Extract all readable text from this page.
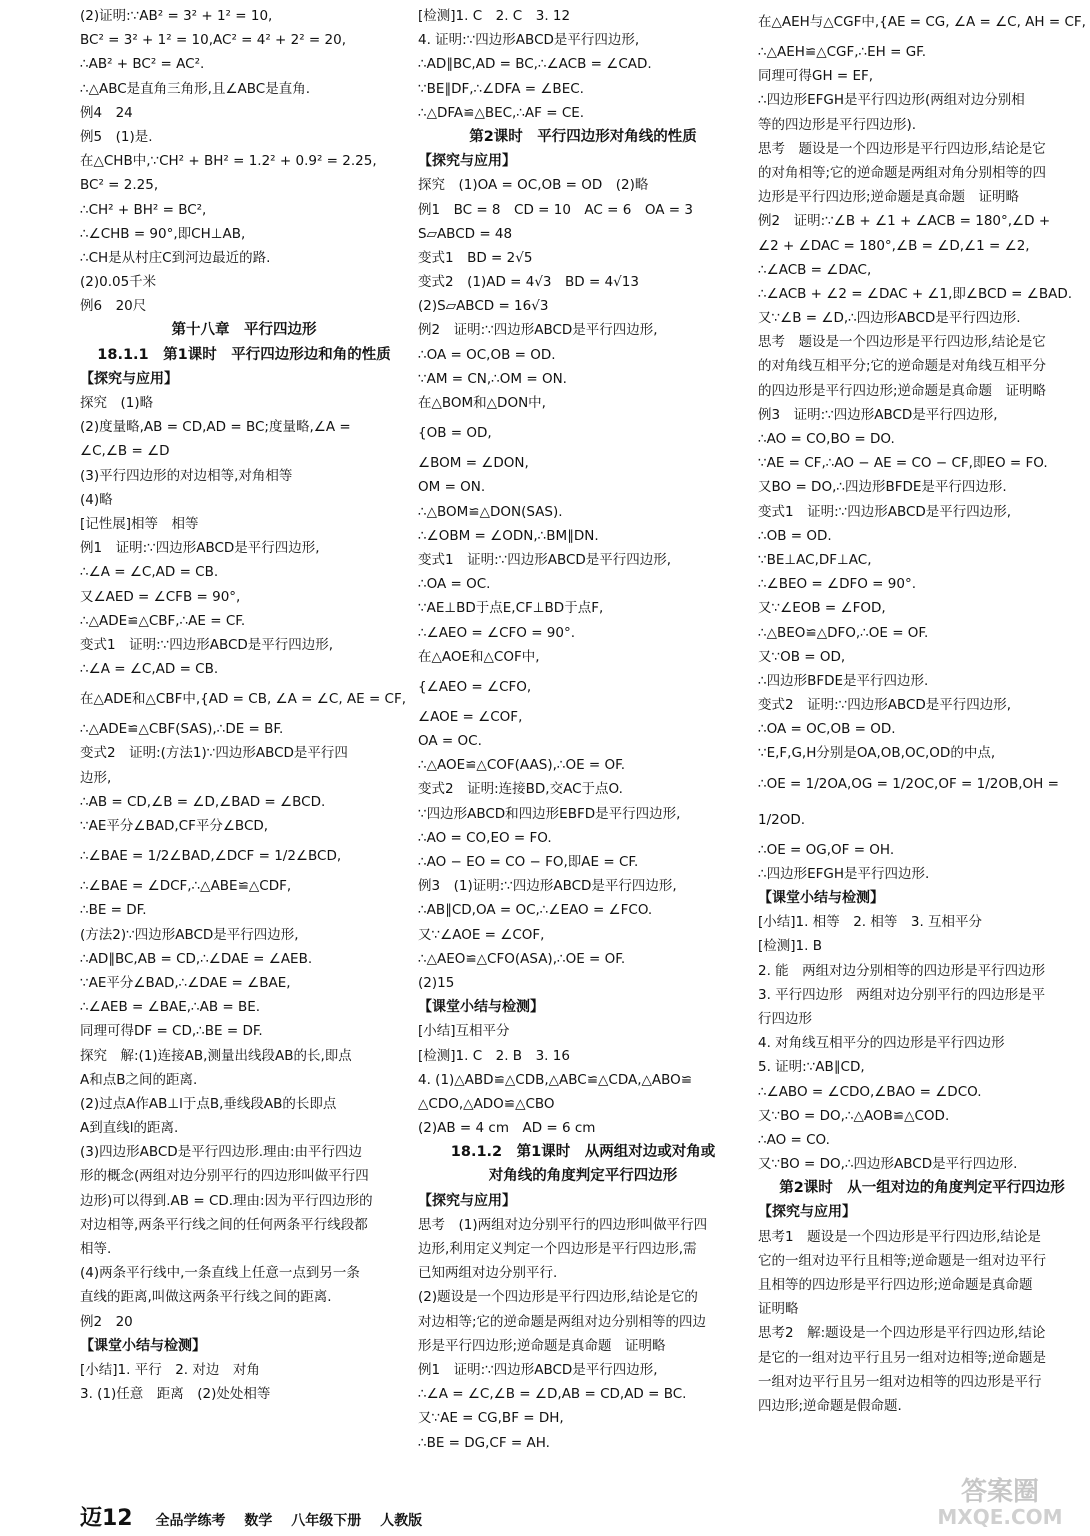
(2)证明:∵AB² = 3² + 1² = 10,
BC² = 3² + 1² = 10,AC² = 4² + 2² = 20,
∴AB² + BC² = AC².
∴△ABC是直角三角形,且∠ABC是直角.
例4　24
例5　(1)是.
在△CHB中,∵CH² + BH² = 1.2² + 0.9² = 2.25,
BC² = 2.25,
∴CH² + BH² = BC²,
∴∠CHB = 90°,即CH⊥AB,
∴CH是从村庄C到河边最近的路.
(2)0.05千米
例6　20尺
第十八章　平行四边形
18.1.1　第1课时　平行四边形边和角的性质
【探究与应用】
探究　(1)略
(2)度量略,AB = CD,AD = BC;度量略,∠A =
∠C,∠B = ∠D
(3)平行四边形的对边相等,对角相等
(4)略
[记性展]相等　相等
例1　证明:∵四边形ABCD是平行四边形,
∴∠A = ∠C,AD = CB.
又∠AED = ∠CFB = 90°,
∴△ADE≌△CBF,∴AE = CF.
变式1　证明:∵四边形ABCD是平行四边形,
∴∠A = ∠C,AD = CB.
在△ADE和△CBF中,{AD = CB, ∠A = ∠C, AE = CF,
∴△ADE≌△CBF(SAS),∴DE = BF.
变式2　证明:(方法1)∵四边形ABCD是平行四
边形,
∴AB = CD,∠B = ∠D,∠BAD = ∠BCD.
∵AE平分∠BAD,CF平分∠BCD,
∴∠BAE = 1/2∠BAD,∠DCF = 1/2∠BCD,
∴∠BAE = ∠DCF,∴△ABE≌△CDF,
∴BE = DF.
(方法2)∵四边形ABCD是平行四边形,
∴AD∥BC,AB = CD,∴∠DAE = ∠AEB.
∵AE平分∠BAD,∴∠DAE = ∠BAE,
∴∠AEB = ∠BAE,∴AB = BE.
同理可得DF = CD,∴BE = DF.
探究　解:(1)连接AB,测量出线段AB的长,即点
A和点B之间的距离.
(2)过点A作AB⊥l于点B,垂线段AB的长即点
A到直线l的距离.
(3)四边形ABCD是平行四边形.理由:由平行四边
形的概念(两组对边分别平行的四边形叫做平行四
边形)可以得到.AB = CD.理由:因为平行四边形的
对边相等,两条平行线之间的任何两条平行线段都
相等.
(4)两条平行线中,一条直线上任意一点到另一条
直线的距离,叫做这两条平行线之间的距离.
例2　20
【课堂小结与检测】
[小结]1. 平行　2. 对边　对角
3. (1)任意　距离　(2)处处相等
[检测]1. C　2. C　3. 12
4. 证明:∵四边形ABCD是平行四边形,
∴AD∥BC,AD = BC,∴∠ACB = ∠CAD.
∵BE∥DF,∴∠DFA = ∠BEC.
∴△DFA≌△BEC,∴AF = CE.
第2课时　平行四边形对角线的性质
【探究与应用】
探究　(1)OA = OC,OB = OD　(2)略
例1　BC = 8　CD = 10　AC = 6　OA = 3
S▱ABCD = 48
变式1　BD = 2√5
变式2　(1)AD = 4√3　BD = 4√13
(2)S▱ABCD = 16√3
例2　证明:∵四边形ABCD是平行四边形,
∴OA = OC,OB = OD.
∵AM = CN,∴OM = ON.
在△BOM和△DON中,
{OB = OD,
∠BOM = ∠DON,
OM = ON.
∴△BOM≌△DON(SAS).
∴∠OBM = ∠ODN,∴BM∥DN.
变式1　证明:∵四边形ABCD是平行四边形,
∴OA = OC.
∵AE⊥BD于点E,CF⊥BD于点F,
∴∠AEO = ∠CFO = 90°.
在△AOE和△COF中,
{∠AEO = ∠CFO,
∠AOE = ∠COF,
OA = OC.
∴△AOE≌△COF(AAS),∴OE = OF.
变式2　证明:连接BD,交AC于点O.
∵四边形ABCD和四边形EBFD是平行四边形,
∴AO = CO,EO = FO.
∴AO − EO = CO − FO,即AE = CF.
例3　(1)证明:∵四边形ABCD是平行四边形,
∴AB∥CD,OA = OC,∴∠EAO = ∠FCO.
又∵∠AOE = ∠COF,
∴△AEO≌△CFO(ASA),∴OE = OF.
(2)15
【课堂小结与检测】
[小结]互相平分
[检测]1. C　2. B　3. 16
4. (1)△ABD≌△CDB,△ABC≌△CDA,△ABO≌
△CDO,△ADO≌△CBO
(2)AB = 4 cm　AD = 6 cm
18.1.2　第1课时　从两组对边或对角或
对角线的角度判定平行四边形
【探究与应用】
思考　(1)两组对边分别平行的四边形叫做平行四
边形,利用定义判定一个四边形是平行四边形,需
已知两组对边分别平行.
(2)题设是一个四边形是平行四边形,结论是它的
对边相等;它的逆命题是两组对边分别相等的四边
形是平行四边形;逆命题是真命题　证明略
例1　证明:∵四边形ABCD是平行四边形,
∴∠A = ∠C,∠B = ∠D,AB = CD,AD = BC.
又∵AE = CG,BF = DH,
∴BE = DG,CF = AH.
在△AEH与△CGF中,{AE = CG, ∠A = ∠C, AH = CF,
∴△AEH≌△CGF,∴EH = GF.
同理可得GH = EF,
∴四边形EFGH是平行四边形(两组对边分别相
等的四边形是平行四边形).
思考　题设是一个四边形是平行四边形,结论是它
的对角相等;它的逆命题是两组对角分别相等的四
边形是平行四边形;逆命题是真命题　证明略
例2　证明:∵∠B + ∠1 + ∠ACB = 180°,∠D +
∠2 + ∠DAC = 180°,∠B = ∠D,∠1 = ∠2,
∴∠ACB = ∠DAC,
∴∠ACB + ∠2 = ∠DAC + ∠1,即∠BCD = ∠BAD.
又∵∠B = ∠D,∴四边形ABCD是平行四边形.
思考　题设是一个四边形是平行四边形,结论是它
的对角线互相平分;它的逆命题是对角线互相平分
的四边形是平行四边形;逆命题是真命题　证明略
例3　证明:∵四边形ABCD是平行四边形,
∴AO = CO,BO = DO.
∵AE = CF,∴AO − AE = CO − CF,即EO = FO.
又BO = DO,∴四边形BFDE是平行四边形.
变式1　证明:∵四边形ABCD是平行四边形,
∴OB = OD.
∵BE⊥AC,DF⊥AC,
∴∠BEO = ∠DFO = 90°.
又∵∠EOB = ∠FOD,
∴△BEO≌△DFO,∴OE = OF.
又∵OB = OD,
∴四边形BFDE是平行四边形.
变式2　证明:∵四边形ABCD是平行四边形,
∴OA = OC,OB = OD.
∵E,F,G,H分别是OA,OB,OC,OD的中点,
∴OE = 1/2OA,OG = 1/2OC,OF = 1/2OB,OH =
1/2OD.
∴OE = OG,OF = OH.
∴四边形EFGH是平行四边形.
【课堂小结与检测】
[小结]1. 相等　2. 相等　3. 互相平分
[检测]1. B
2. 能　两组对边分别相等的四边形是平行四边形
3. 平行四边形　两组对边分别平行的四边形是平
行四边形
4. 对角线互相平分的四边形是平行四边形
5. 证明:∵AB∥CD,
∴∠ABO = ∠CDO,∠BAO = ∠DCO.
又∵BO = DO,∴△AOB≌△COD.
∴AO = CO.
又∵BO = DO,∴四边形ABCD是平行四边形.
第2课时　从一组对边的角度判定平行四边形
【探究与应用】
思考1　题设是一个四边形是平行四边形,结论是
它的一组对边平行且相等;逆命题是一组对边平行
且相等的四边形是平行四边形;逆命题是真命题
证明略
思考2　解:题设是一个四边形是平行四边形,结论
是它的一组对边平行且另一组对边相等;逆命题是
一组对边平行且另一组对边相等的四边形是平行
四边形;逆命题是假命题.
迈12 全品学练考 数学 八年级下册 人教版
答案圈
MXQE.COM
